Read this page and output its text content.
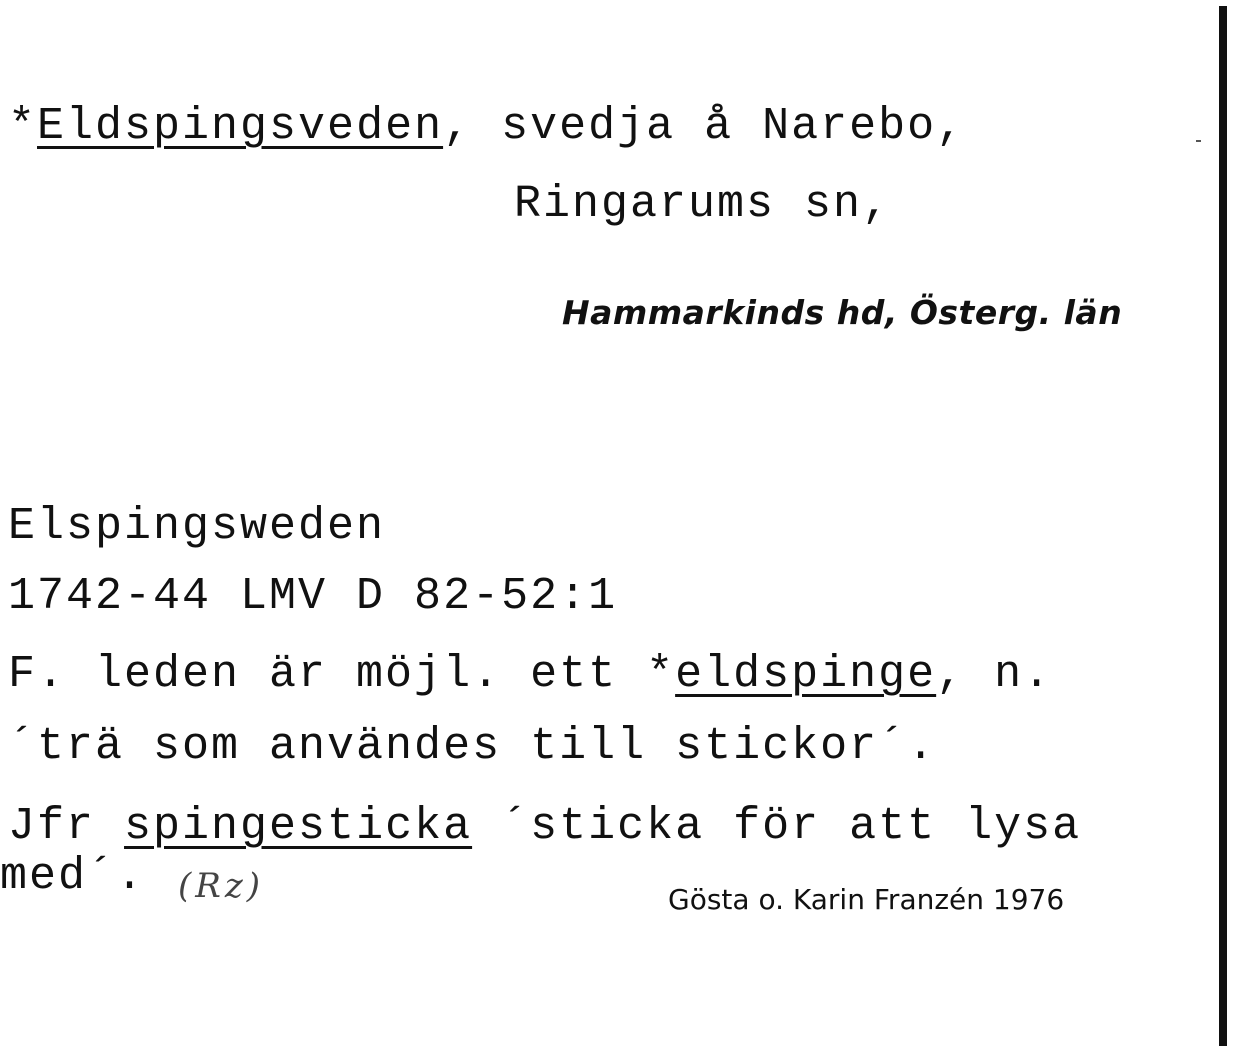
*Eldspingsveden, svedja å Narebo,
Ringarums sn,
Hammarkinds hd, Österg. län
Elspingsweden
1742-44 LMV D 82-52:1
F. leden är möjl. ett *eldspinge, n.
´trä som användes till stickor´.
Jfr spingesticka ´sticka för att lysa
med´. (Rz)	Gösta o. Karin Franzén 1976
